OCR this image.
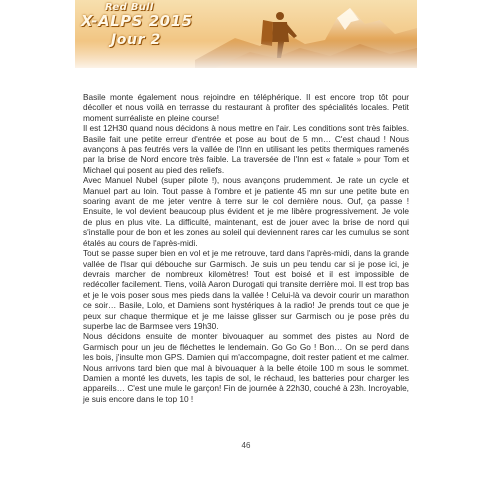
Red Bull
X-ALPS 2015
Jour 2

Basile monte également nous rejoindre en téléphérique. Il est encore trop tôt pour décoller et nous voilà en terrasse du restaurant à profiter des spécialités locales. Petit moment surréaliste en pleine course!

Il est 12H30 quand nous décidons à nous mettre en l'air. Les conditions sont très faibles. Basile fait une petite erreur d'entrée et pose au bout de 5 mn… C'est chaud ! Nous avançons à pas feutrés vers la vallée de l'Inn en utilisant les petits thermiques ramenés par la brise de Nord encore très faible. La traversée de l'Inn est « fatale » pour Tom et Michael qui posent au pied des reliefs.

Avec Manuel Nubel (super pilote !), nous avançons prudemment. Je rate un cycle et Manuel part au loin. Tout passe à l'ombre et je patiente 45 mn sur une petite bute en soaring avant de me jeter ventre à terre sur le col dernière nous. Ouf, ça passe ! Ensuite, le vol devient beaucoup plus évident et je me libère progressivement. Je vole de plus en plus vite. La difficulté, maintenant, est de jouer avec la brise de nord qui s'installe pour de bon et les zones au soleil qui deviennent rares car les cumulus se sont étalés au cours de l'après-midi.

Tout se passe super bien en vol et je me retrouve, tard dans l'après-midi, dans la grande vallée de l'Isar qui débouche sur Garmisch. Je suis un peu tendu car si je pose ici, je devrais marcher de nombreux kilomètres! Tout est boisé et il est impossible de redécoller facilement. Tiens, voilà Aaron Durogati qui transite derrière moi. Il est trop bas et je le vois poser sous mes pieds dans la vallée ! Celui-là va devoir courir un marathon ce soir… Basile, Lolo, et Damiens sont hystériques à la radio! Je prends tout ce que je peux sur chaque thermique et je me laisse glisser sur Garmisch ou je pose près du superbe lac de Barmsee vers 19h30.

Nous décidons ensuite de monter bivouaquer au sommet des pistes au Nord de Garmisch pour un jeu de fléchettes le lendemain. Go Go Go ! Bon… On se perd dans les bois, j'insulte mon GPS. Damien qui m'accompagne, doit rester patient et me calmer. Nous arrivons tard bien que mal à bivouaquer à la belle étoile 100 m sous le sommet. Damien a monté les duvets, les tapis de sol, le réchaud, les batteries pour charger les appareils… C'est une mule le garçon! Fin de journée à 22h30, couché à 23h. Incroyable, je suis encore dans le top 10 !

46
